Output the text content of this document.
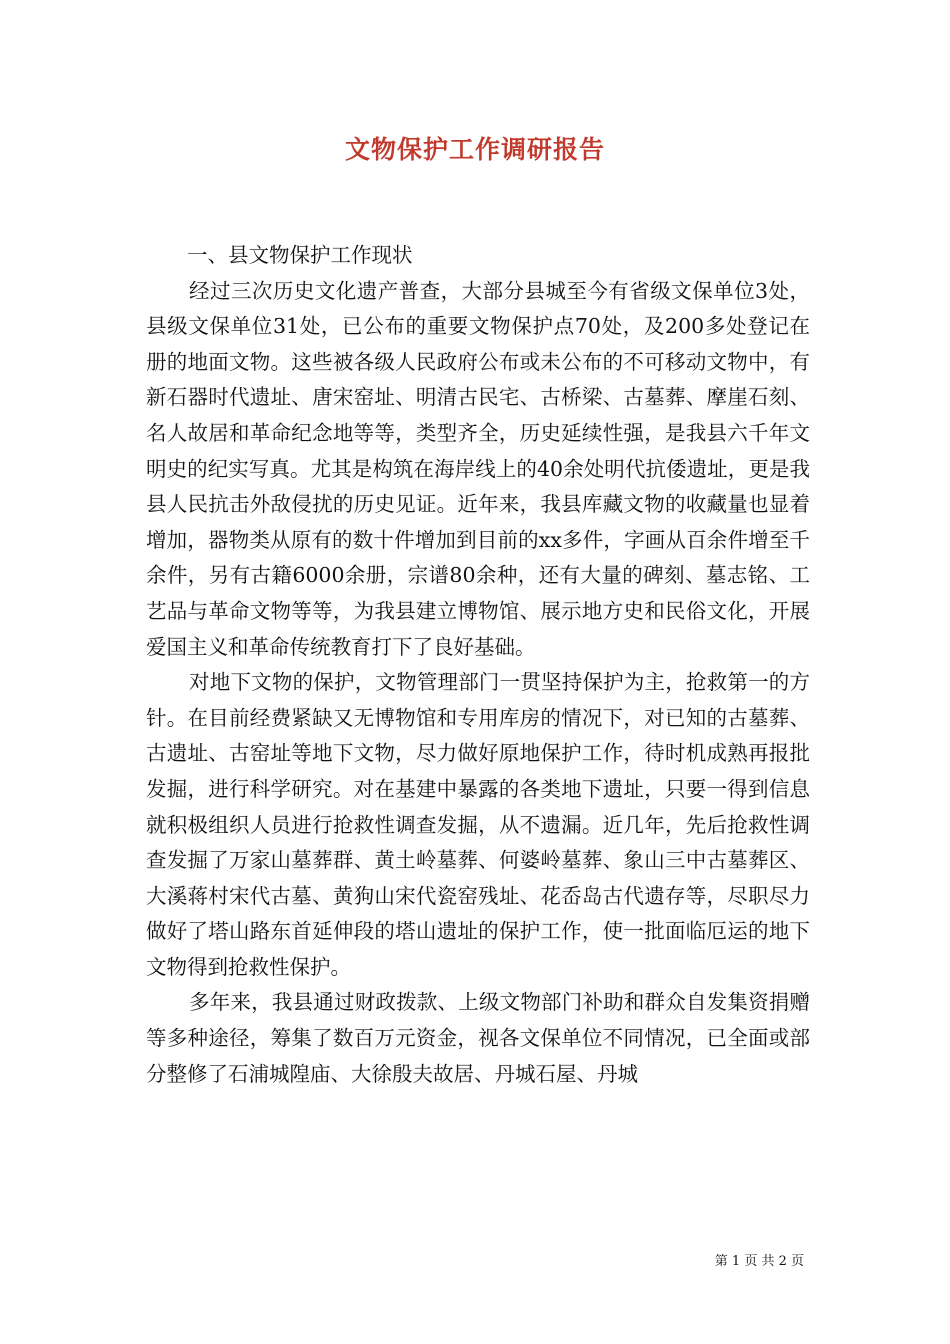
文物保护工作调研报告

一、县文物保护工作现状

经过三次历史文化遗产普查，大部分县城至今有省级文保单位3处，县级文保单位31处，已公布的重要文物保护点70处，及200多处登记在册的地面文物。这些被各级人民政府公布或未公布的不可移动文物中，有新石器时代遗址、唐宋窑址、明清古民宅、古桥梁、古墓葬、摩崖石刻、名人故居和革命纪念地等等，类型齐全，历史延续性强，是我县六千年文明史的纪实写真。尤其是构筑在海岸线上的40余处明代抗倭遗址，更是我县人民抗击外敌侵扰的历史见证。近年来，我县库藏文物的收藏量也显着增加，器物类从原有的数十件增加到目前的xx多件，字画从百余件增至千余件，另有古籍6000余册，宗谱80余种，还有大量的碑刻、墓志铭、工艺品与革命文物等等，为我县建立博物馆、展示地方史和民俗文化，开展爱国主义和革命传统教育打下了良好基础。

对地下文物的保护，文物管理部门一贯坚持保护为主，抢救第一的方针。在目前经费紧缺又无博物馆和专用库房的情况下，对已知的古墓葬、古遗址、古窑址等地下文物，尽力做好原地保护工作，待时机成熟再报批发掘，进行科学研究。对在基建中暴露的各类地下遗址，只要一得到信息就积极组织人员进行抢救性调查发掘，从不遗漏。近几年，先后抢救性调查发掘了万家山墓葬群、黄土岭墓葬、何婆岭墓葬、象山三中古墓葬区、大溪蒋村宋代古墓、黄狗山宋代瓷窑残址、花岙岛古代遗存等，尽职尽力做好了塔山路东首延伸段的塔山遗址的保护工作，使一批面临厄运的地下文物得到抢救性保护。

多年来，我县通过财政拨款、上级文物部门补助和群众自发集资捐赠等多种途径，筹集了数百万元资金，视各文保单位不同情况，已全面或部分整修了石浦城隍庙、大徐殷夫故居、丹城石屋、丹城

第 1 页 共 2 页
